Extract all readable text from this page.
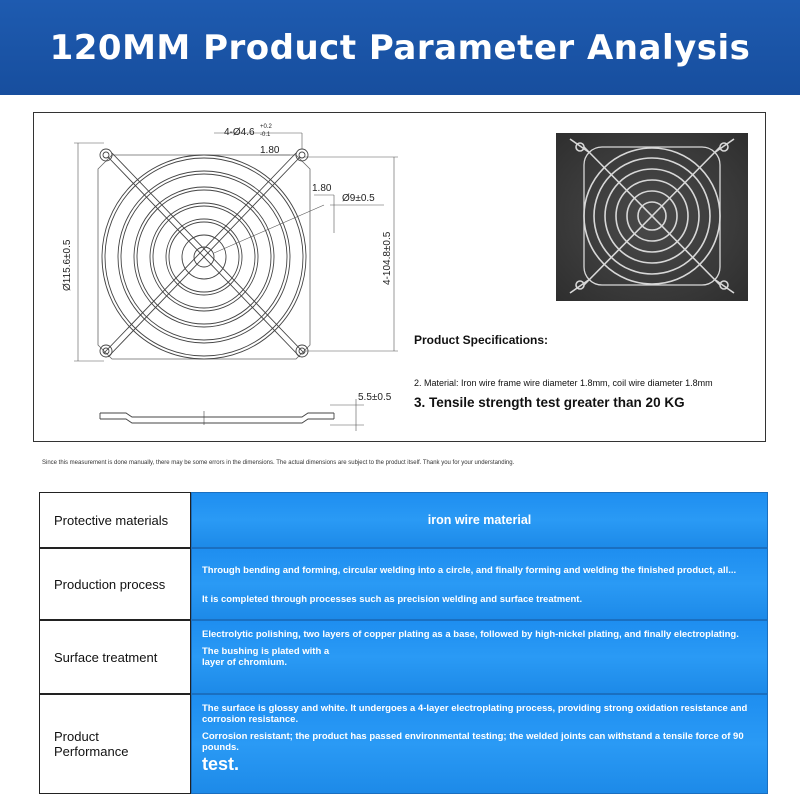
120MM Product Parameter Analysis
4-Ø4.6 +0.2
-0.1
1.80
1.80
Ø9±0.5
Ø115.6±0.5	4-104.8±0.5
5.5±0.5
Product Specifications:
2. Material: Iron wire frame wire diameter 1.8mm, coil wire diameter 1.8mm
3. Tensile strength test greater than 20 KG
Since this measurement is done manually, there may be some errors in the dimensions. The actual dimensions are subject to the product itself. Thank you for your understanding.
Protective materials	iron wire material
Production process

Through bending and forming, circular welding into a circle, and finally forming and welding the finished product, all...

It is completed through processes such as precision welding and surface treatment.

Surface treatment

Electrolytic polishing, two layers of copper plating as a base, followed by high-nickel plating, and finally electroplating.

The bushing is plated with a layer of chromium.

Product Performance

The surface is glossy and white. It undergoes a 4-layer electroplating process, providing strong oxidation resistance and corrosion resistance.

Corrosion resistant; the product has passed environmental testing; the welded joints can withstand a tensile force of 90 pounds.

test.
